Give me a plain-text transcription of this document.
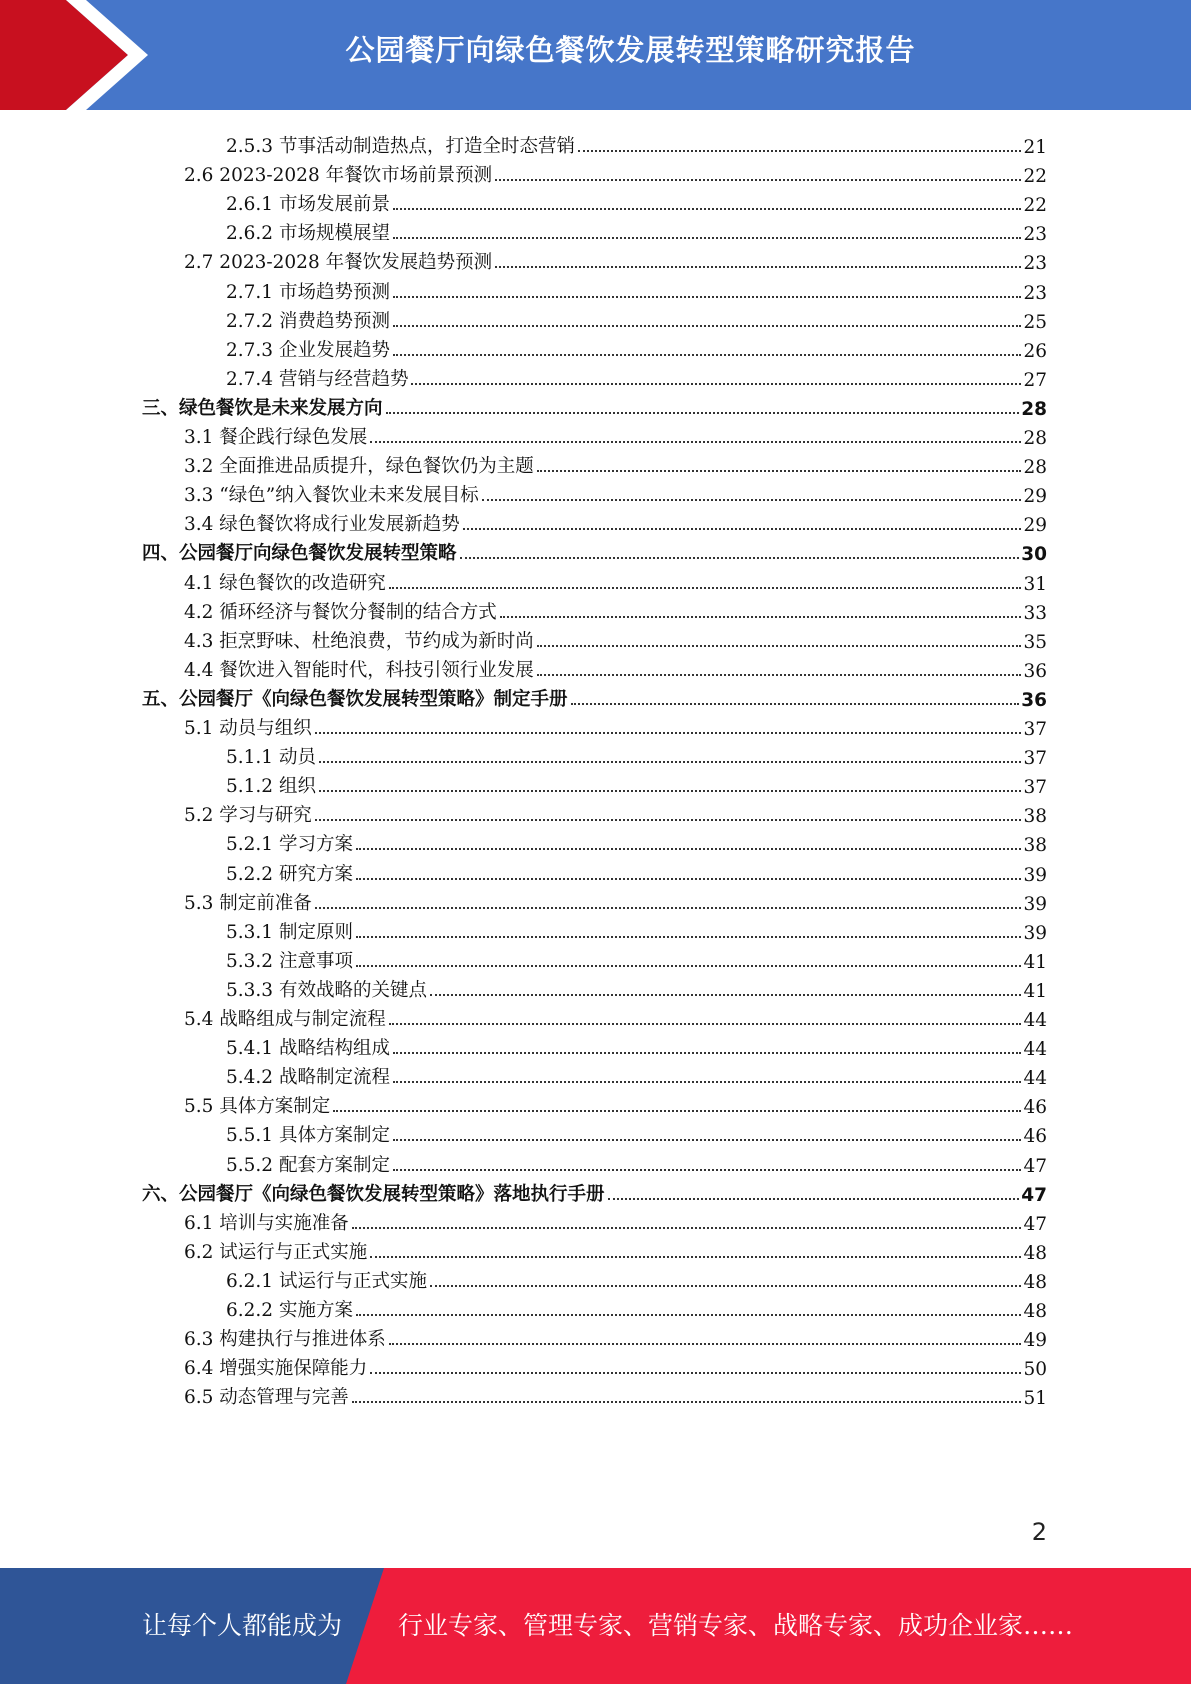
公园餐厅向绿色餐饮发展转型策略研究报告
2.5.3 节事活动制造热点，打造全时态营销	21
2.6 2023-2028 年餐饮市场前景预测	22
2.6.1 市场发展前景	22
2.6.2 市场规模展望	23
2.7 2023-2028 年餐饮发展趋势预测	23
2.7.1 市场趋势预测	23
2.7.2 消费趋势预测	25
2.7.3 企业发展趋势	26
2.7.4 营销与经营趋势	27
三、绿色餐饮是未来发展方向	28
3.1 餐企践行绿色发展	28
3.2 全面推进品质提升，绿色餐饮仍为主题	28
3.3 “绿色”纳入餐饮业未来发展目标	29
3.4 绿色餐饮将成行业发展新趋势	29
四、公园餐厅向绿色餐饮发展转型策略	30
4.1 绿色餐饮的改造研究	31
4.2 循环经济与餐饮分餐制的结合方式	33
4.3 拒烹野味、杜绝浪费，节约成为新时尚	35
4.4 餐饮进入智能时代，科技引领行业发展	36
五、公园餐厅《向绿色餐饮发展转型策略》制定手册	36
5.1 动员与组织	37
5.1.1 动员	37
5.1.2 组织	37
5.2 学习与研究	38
5.2.1 学习方案	38
5.2.2 研究方案	39
5.3 制定前准备	39
5.3.1 制定原则	39
5.3.2 注意事项	41
5.3.3 有效战略的关键点	41
5.4 战略组成与制定流程	44
5.4.1 战略结构组成	44
5.4.2 战略制定流程	44
5.5 具体方案制定	46
5.5.1 具体方案制定	46
5.5.2 配套方案制定	47
六、公园餐厅《向绿色餐饮发展转型策略》落地执行手册	47
6.1 培训与实施准备	47
6.2 试运行与正式实施	48
6.2.1 试运行与正式实施	48
6.2.2 实施方案	48
6.3 构建执行与推进体系	49
6.4 增强实施保障能力	50
6.5 动态管理与完善	51
2
让每个人都能成为 行业专家、管理专家、营销专家、战略专家、成功企业家……
